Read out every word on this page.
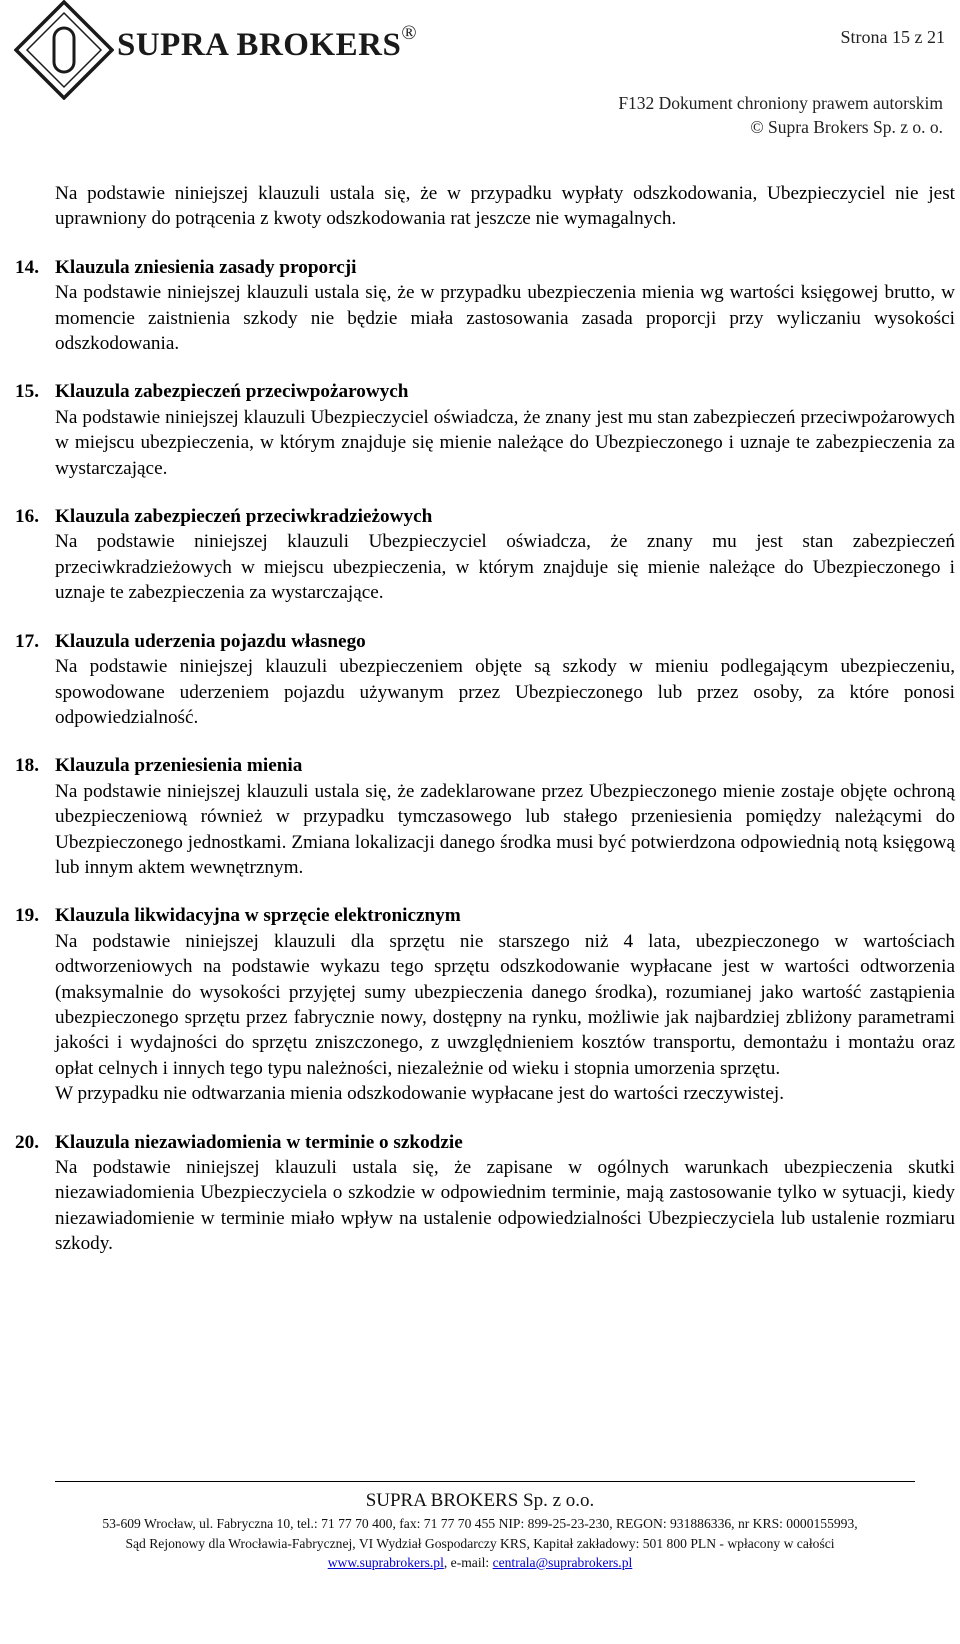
SUPRA BROKERS®	Strona 15 z 21
F132 Dokument chroniony prawem autorskim
© Supra Brokers Sp. z o. o.

Na podstawie niniejszej klauzuli ustala się, że w przypadku wypłaty odszkodowania, Ubezpieczyciel nie jest uprawniony do potrącenia z kwoty odszkodowania rat jeszcze nie wymagalnych.

14. Klauzula zniesienia zasady proporcji

Na podstawie niniejszej klauzuli ustala się, że w przypadku ubezpieczenia mienia wg wartości księgowej brutto, w momencie zaistnienia szkody nie będzie miała zastosowania zasada proporcji przy wyliczaniu wysokości odszkodowania.

15. Klauzula zabezpieczeń przeciwpożarowych

Na podstawie niniejszej klauzuli Ubezpieczyciel oświadcza, że znany jest mu stan zabezpieczeń przeciwpożarowych w miejscu ubezpieczenia, w którym znajduje się mienie należące do Ubezpieczonego i uznaje te zabezpieczenia za wystarczające.

16. Klauzula zabezpieczeń przeciwkradzieżowych

Na podstawie niniejszej klauzuli Ubezpieczyciel oświadcza, że znany mu jest stan zabezpieczeń przeciwkradzieżowych w miejscu ubezpieczenia, w którym znajduje się mienie należące do Ubezpieczonego i uznaje te zabezpieczenia za wystarczające.

17. Klauzula uderzenia pojazdu własnego

Na podstawie niniejszej klauzuli ubezpieczeniem objęte są szkody w mieniu podlegającym ubezpieczeniu, spowodowane uderzeniem pojazdu używanym przez Ubezpieczonego lub przez osoby, za które ponosi odpowiedzialność.

18. Klauzula przeniesienia mienia

Na podstawie niniejszej klauzuli ustala się, że zadeklarowane przez Ubezpieczonego mienie zostaje objęte ochroną ubezpieczeniową również w przypadku tymczasowego lub stałego przeniesienia pomiędzy należącymi do Ubezpieczonego jednostkami. Zmiana lokalizacji danego środka musi być potwierdzona odpowiednią notą księgową lub innym aktem wewnętrznym.

19. Klauzula likwidacyjna w sprzęcie elektronicznym

Na podstawie niniejszej klauzuli dla sprzętu nie starszego niż 4 lata, ubezpieczonego w wartościach odtworzeniowych na podstawie wykazu tego sprzętu odszkodowanie wypłacane jest w wartości odtworzenia (maksymalnie do wysokości przyjętej sumy ubezpieczenia danego środka), rozumianej jako wartość zastąpienia ubezpieczonego sprzętu przez fabrycznie nowy, dostępny na rynku, możliwie jak najbardziej zbliżony parametrami jakości i wydajności do sprzętu zniszczonego, z uwzględnieniem kosztów transportu, demontażu i montażu oraz opłat celnych i innych tego typu należności, niezależnie od wieku i stopnia umorzenia sprzętu.

W przypadku nie odtwarzania mienia odszkodowanie wypłacane jest do wartości rzeczywistej.

20. Klauzula niezawiadomienia w terminie o szkodzie

Na podstawie niniejszej klauzuli ustala się, że zapisane w ogólnych warunkach ubezpieczenia skutki niezawiadomienia Ubezpieczyciela o szkodzie w odpowiednim terminie, mają zastosowanie tylko w sytuacji, kiedy niezawiadomienie w terminie miało wpływ na ustalenie odpowiedzialności Ubezpieczyciela lub ustalenie rozmiaru szkody.

SUPRA BROKERS Sp. z o.o.
53-609 Wrocław, ul. Fabryczna 10, tel.: 71 77 70 400, fax: 71 77 70 455 NIP: 899-25-23-230, REGON: 931886336, nr KRS: 0000155993,
Sąd Rejonowy dla Wrocławia-Fabrycznej, VI Wydział Gospodarczy KRS, Kapitał zakładowy: 501 800 PLN - wpłacony w całości
www.suprabrokers.pl, e-mail: centrala@suprabrokers.pl
